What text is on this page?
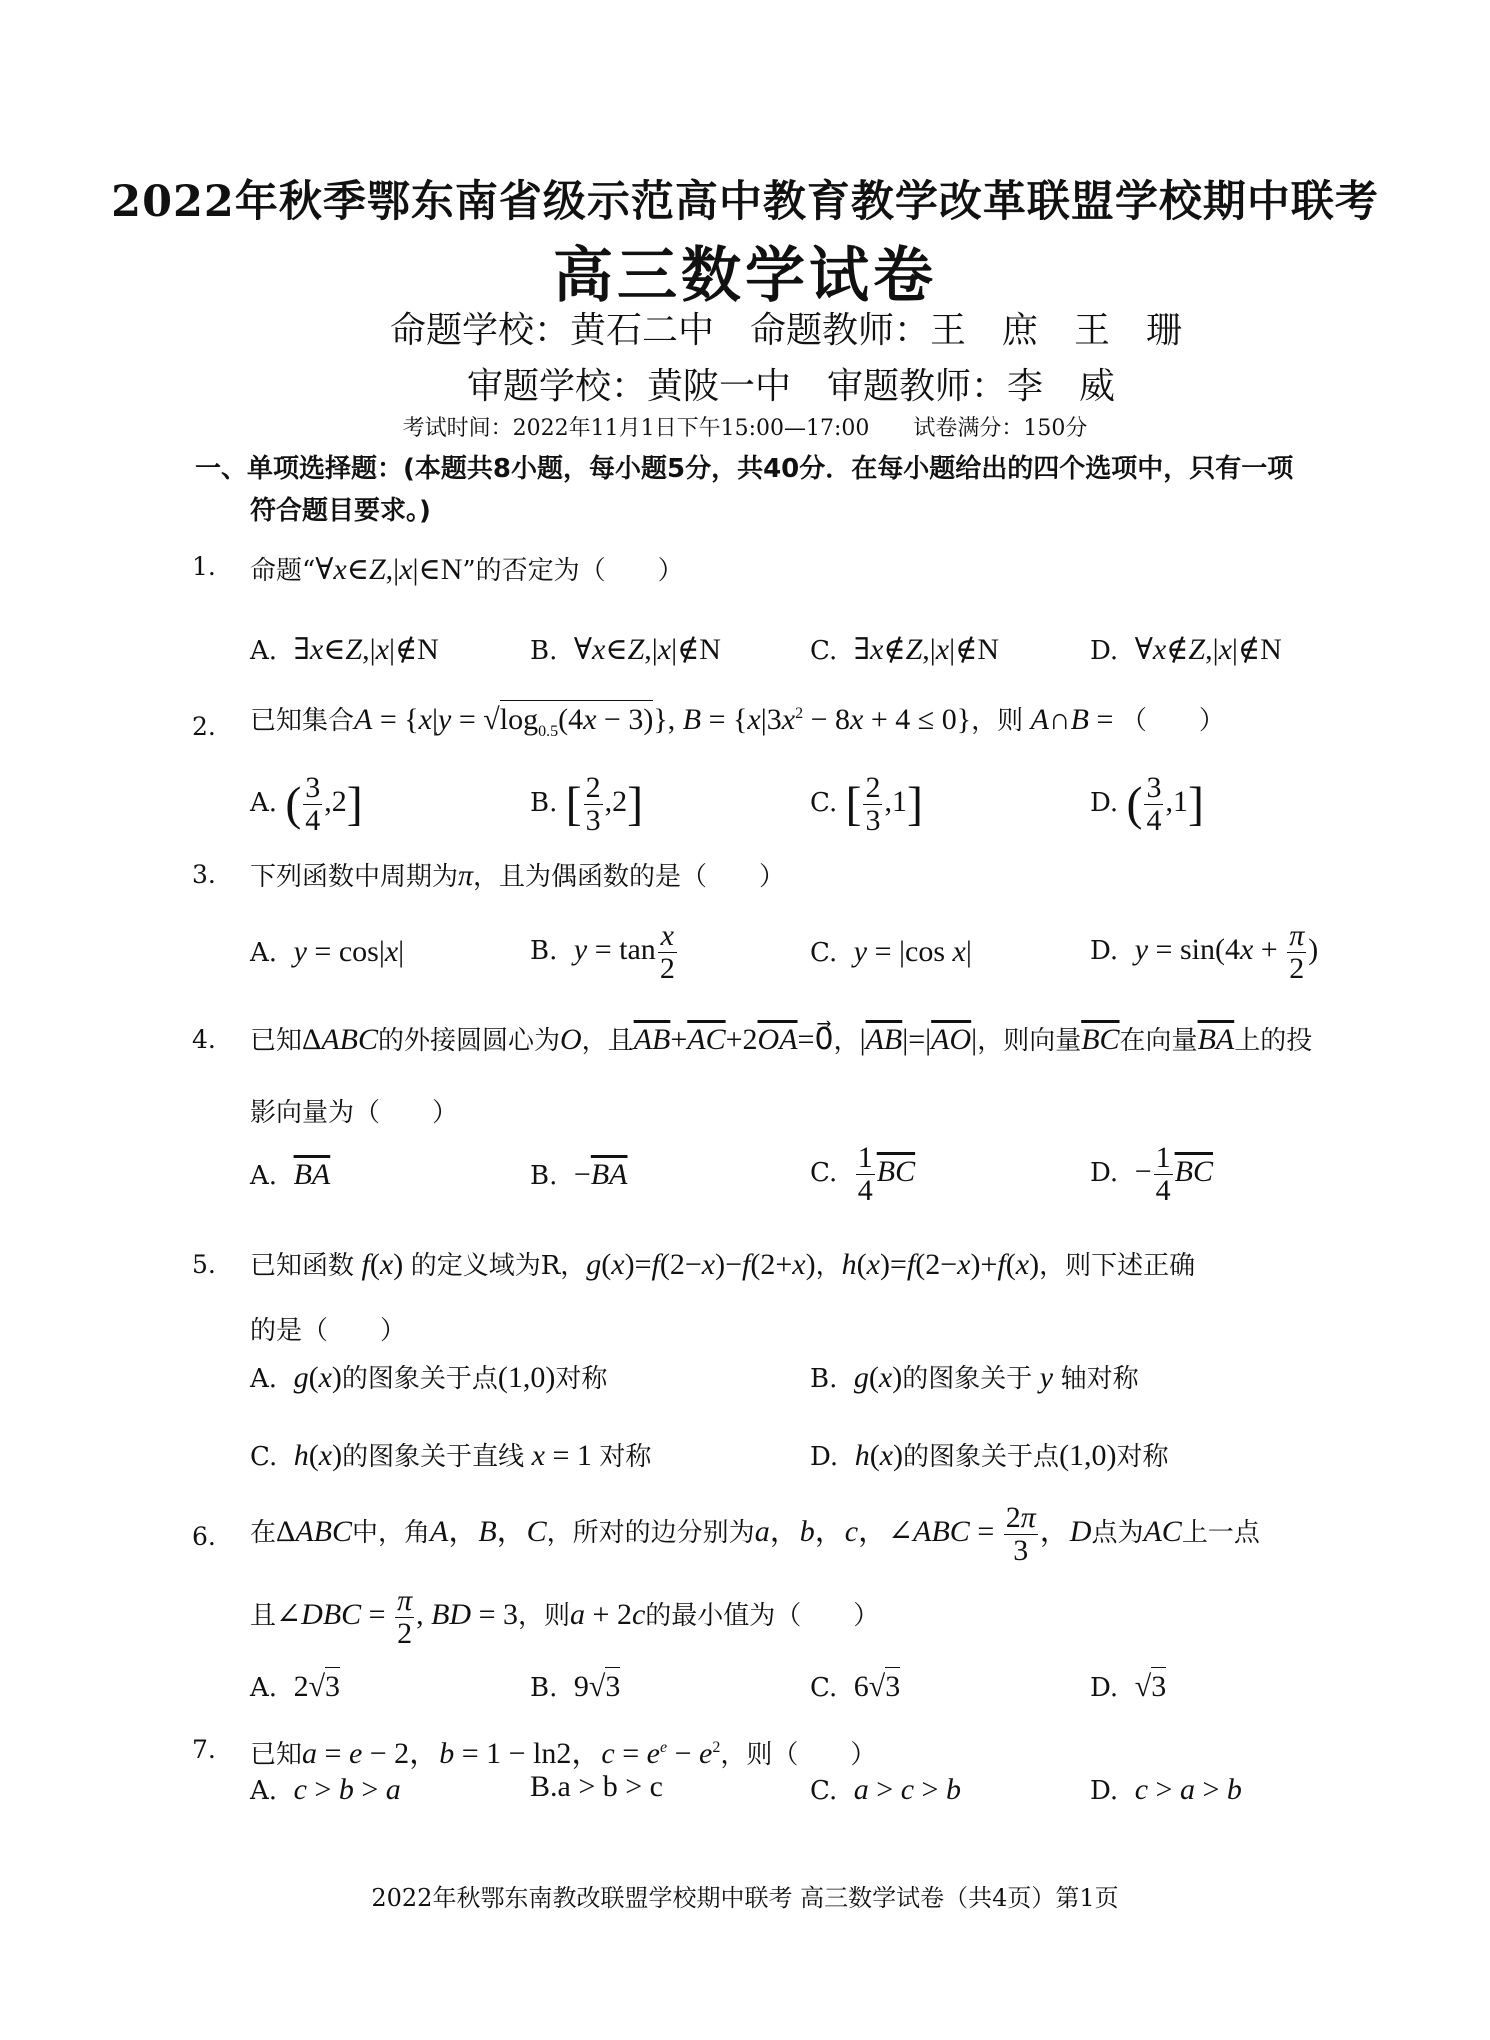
2022年秋季鄂东南省级示范高中教育教学改革联盟学校期中联考
高三数学试卷
命题学校：黄石二中　命题教师：王　庶　王　珊
审题学校：黄陂一中　审题教师：李　威
考试时间：2022年11月1日下午15:00—17:00　　试卷满分：150分
一、单项选择题：(本题共8小题，每小题5分，共40分．在每小题给出的四个选项中，只有一项
符合题目要求。)
1. 命题“∀x∈Z,|x|∈N”的否定为（　　）
A. ∃x∈Z,|x|∉N	B. ∀x∈Z,|x|∉N	C. ∃x∉Z,|x|∉N	D. ∀x∉Z,|x|∉N
2. 已知集合$A = \{x|y = √\log_{0.5}(4x - 3)\}$, $B = \{x|3x^2 - 8x + 4 \le 0\}$，则 A∩B = （　　）
A. ( $\frac{3}{4} ,2$]	B. [ $\frac{2}{3} ,2$]	C. [ $\frac{2}{3} ,1$]	D. ( $\frac{3}{4} ,1$]
3. 下列函数中周期为π，且为偶函数的是（　　）
A. y = cos|x|	B. $y = \tan \frac{x}{2}$	C. y = |cos x|	D. $y = \sin(4x + \frac{\pi}{2}$ )
4. 已知ΔABC的外接圆圆心为O，且$\overline{AB}+\overline{AC}+2\overline{OA}=0⃗$，$|\overline{AB}|=|\overline{AO}|$，则向量$\overline{BC}$在向量$\overline{BA}$上的投
影向量为（　　）
A. $\overline{BA}$	B. $-\overline{BA}$	C. $\frac{1}{4} \overline{BC}$	D. − $\frac{1}{4} \overline{BC}$
5. 已知函数 f(x) 的定义域为R，g(x)=f(2−x)−f(2+x)，h(x)=f(2−x)+f(x)，则下述正确
的是（　　）
A. g(x)的图象关于点(1,0)对称	B. g(x)的图象关于 y 轴对称
C. h(x)的图象关于直线 x = 1 对称	D. h(x)的图象关于点(1,0)对称
6. 在ΔABC中，角A，B，C，所对的边分别为a，b，c，∠ABC = $\frac{2\pi}{3}$ ，D点为AC上一点
且∠DBC = $\frac{\pi}{2}$ , BD = 3，则a + 2c的最小值为（　　）
A. 2√3	B. 9√3	C. 6√3	D. √3
7. 已知a = e − 2，b = 1 − ln2，$c = e^e - e^2$，则（　　）
A. c > b > a	B.a > b > c	C. a > c > b	D. c > a > b
2022年秋鄂东南教改联盟学校期中联考 高三数学试卷（共4页）第1页
